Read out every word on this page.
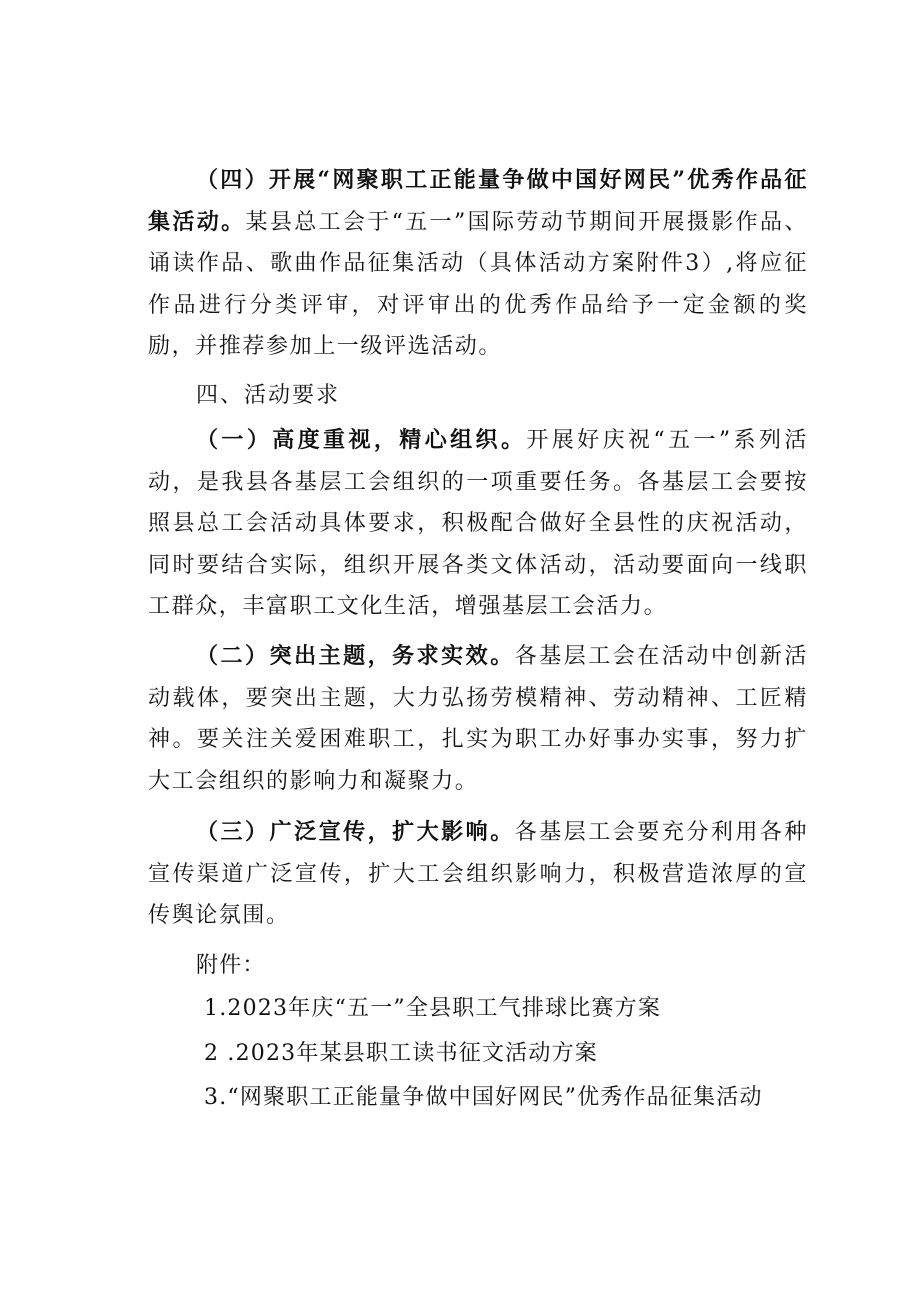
（四）开展“网聚职工正能量争做中国好网民”优秀作品征集活动。某县总工会于“五一”国际劳动节期间开展摄影作品、诵读作品、歌曲作品征集活动（具体活动方案附件3）,将应征作品进行分类评审，对评审出的优秀作品给予一定金额的奖励，并推荐参加上一级评选活动。

四、活动要求

（一）高度重视，精心组织。开展好庆祝“五一”系列活动，是我县各基层工会组织的一项重要任务。各基层工会要按照县总工会活动具体要求，积极配合做好全县性的庆祝活动，同时要结合实际，组织开展各类文体活动，活动要面向一线职工群众，丰富职工文化生活，增强基层工会活力。

（二）突出主题，务求实效。各基层工会在活动中创新活动载体，要突出主题，大力弘扬劳模精神、劳动精神、工匠精神。要关注关爱困难职工，扎实为职工办好事办实事，努力扩大工会组织的影响力和凝聚力。

（三）广泛宣传，扩大影响。各基层工会要充分利用各种宣传渠道广泛宣传，扩大工会组织影响力，积极营造浓厚的宣传舆论氛围。

附件：

1.2023年庆“五一”全县职工气排球比赛方案

2 .2023年某县职工读书征文活动方案

3.“网聚职工正能量争做中国好网民”优秀作品征集活动
